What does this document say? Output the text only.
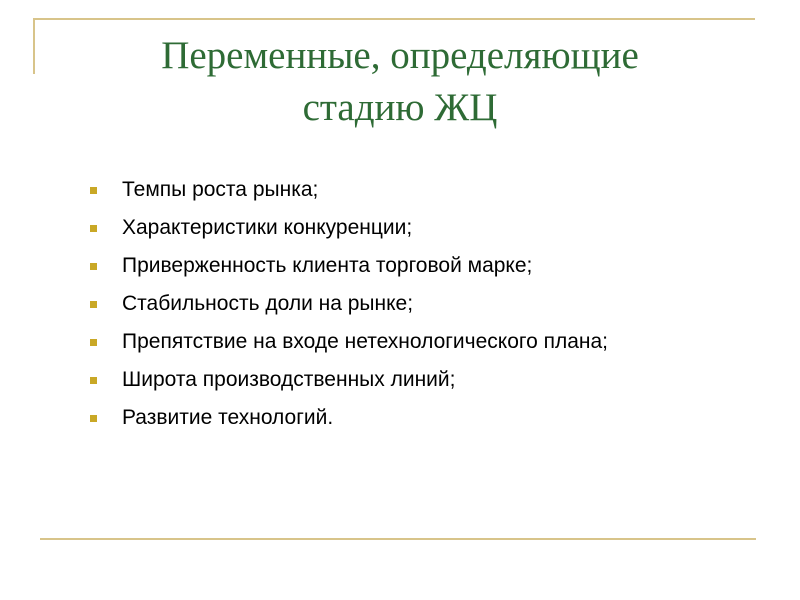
Переменные, определяющие
стадию ЖЦ
Темпы роста рынка;
Характеристики конкуренции;
Приверженность клиента торговой марке;
Стабильность доли на рынке;
Препятствие на входе нетехнологического плана;
Широта производственных линий;
Развитие технологий.
